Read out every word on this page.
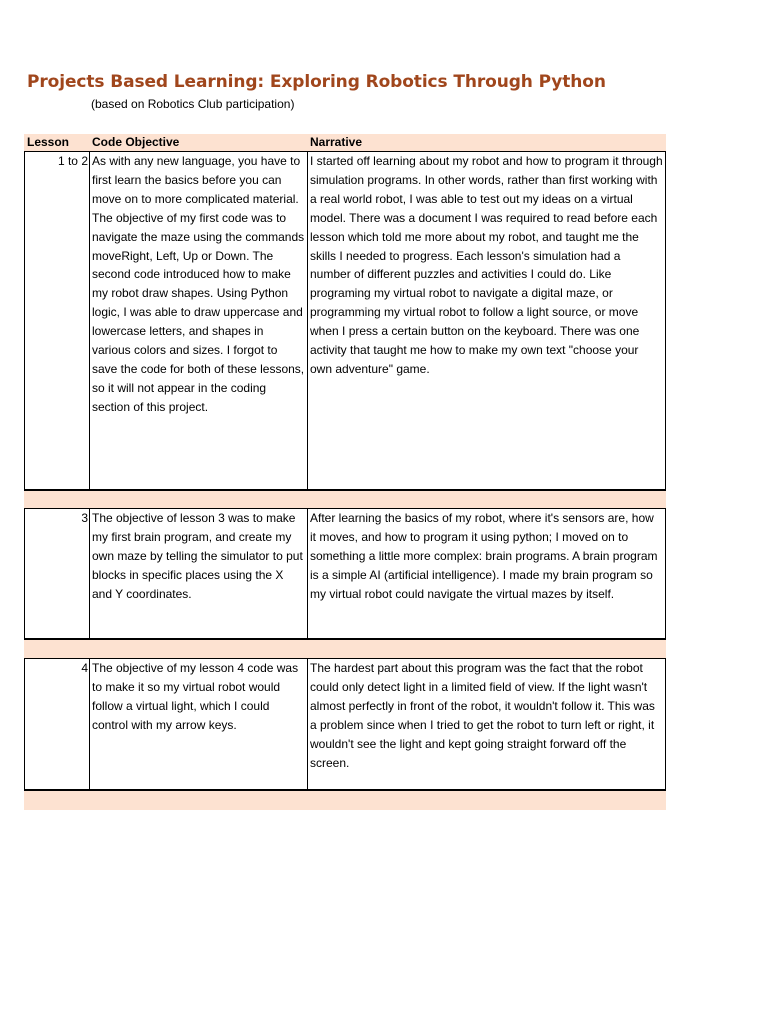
Projects Based Learning: Exploring Robotics Through Python
(based on Robotics Club participation)
Lesson Code Objective	Narrative
1 to 2 As with any new language, you have to first learn the basics before you can move on to more complicated material. The objective of my first code was to navigate the maze using the commands moveRight, Left, Up or Down. The second code introduced how to make my robot draw shapes. Using Python logic, I was able to draw uppercase and lowercase letters, and shapes in various colors and sizes. I forgot to save the code for both of these lessons, so it will not appear in the coding section of this project.
I started off learning about my robot and how to program it through simulation programs. In other words, rather than first working with a real world robot, I was able to test out my ideas on a virtual model. There was a document I was required to read before each lesson which told me more about my robot, and taught me the skills I needed to progress. Each lesson's simulation had a number of different puzzles and activities I could do. Like programing my virtual robot to navigate a digital maze, or programming my virtual robot to follow a light source, or move when I press a certain button on the keyboard. There was one activity that taught me how to make my own text "choose your own adventure" game.
3 The objective of lesson 3 was to make my first brain program, and create my own maze by telling the simulator to put blocks in specific places using the X and Y coordinates.
After learning the basics of my robot, where it's sensors are, how it moves, and how to program it using python; I moved on to something a little more complex: brain programs. A brain program is a simple AI (artificial intelligence). I made my brain program so my virtual robot could navigate the virtual mazes by itself.
4 The objective of my lesson 4 code was to make it so my virtual robot would follow a virtual light, which I could control with my arrow keys.
The hardest part about this program was the fact that the robot could only detect light in a limited field of view. If the light wasn't almost perfectly in front of the robot, it wouldn't follow it. This was a problem since when I tried to get the robot to turn left or right, it wouldn't see the light and kept going straight forward off the screen.
